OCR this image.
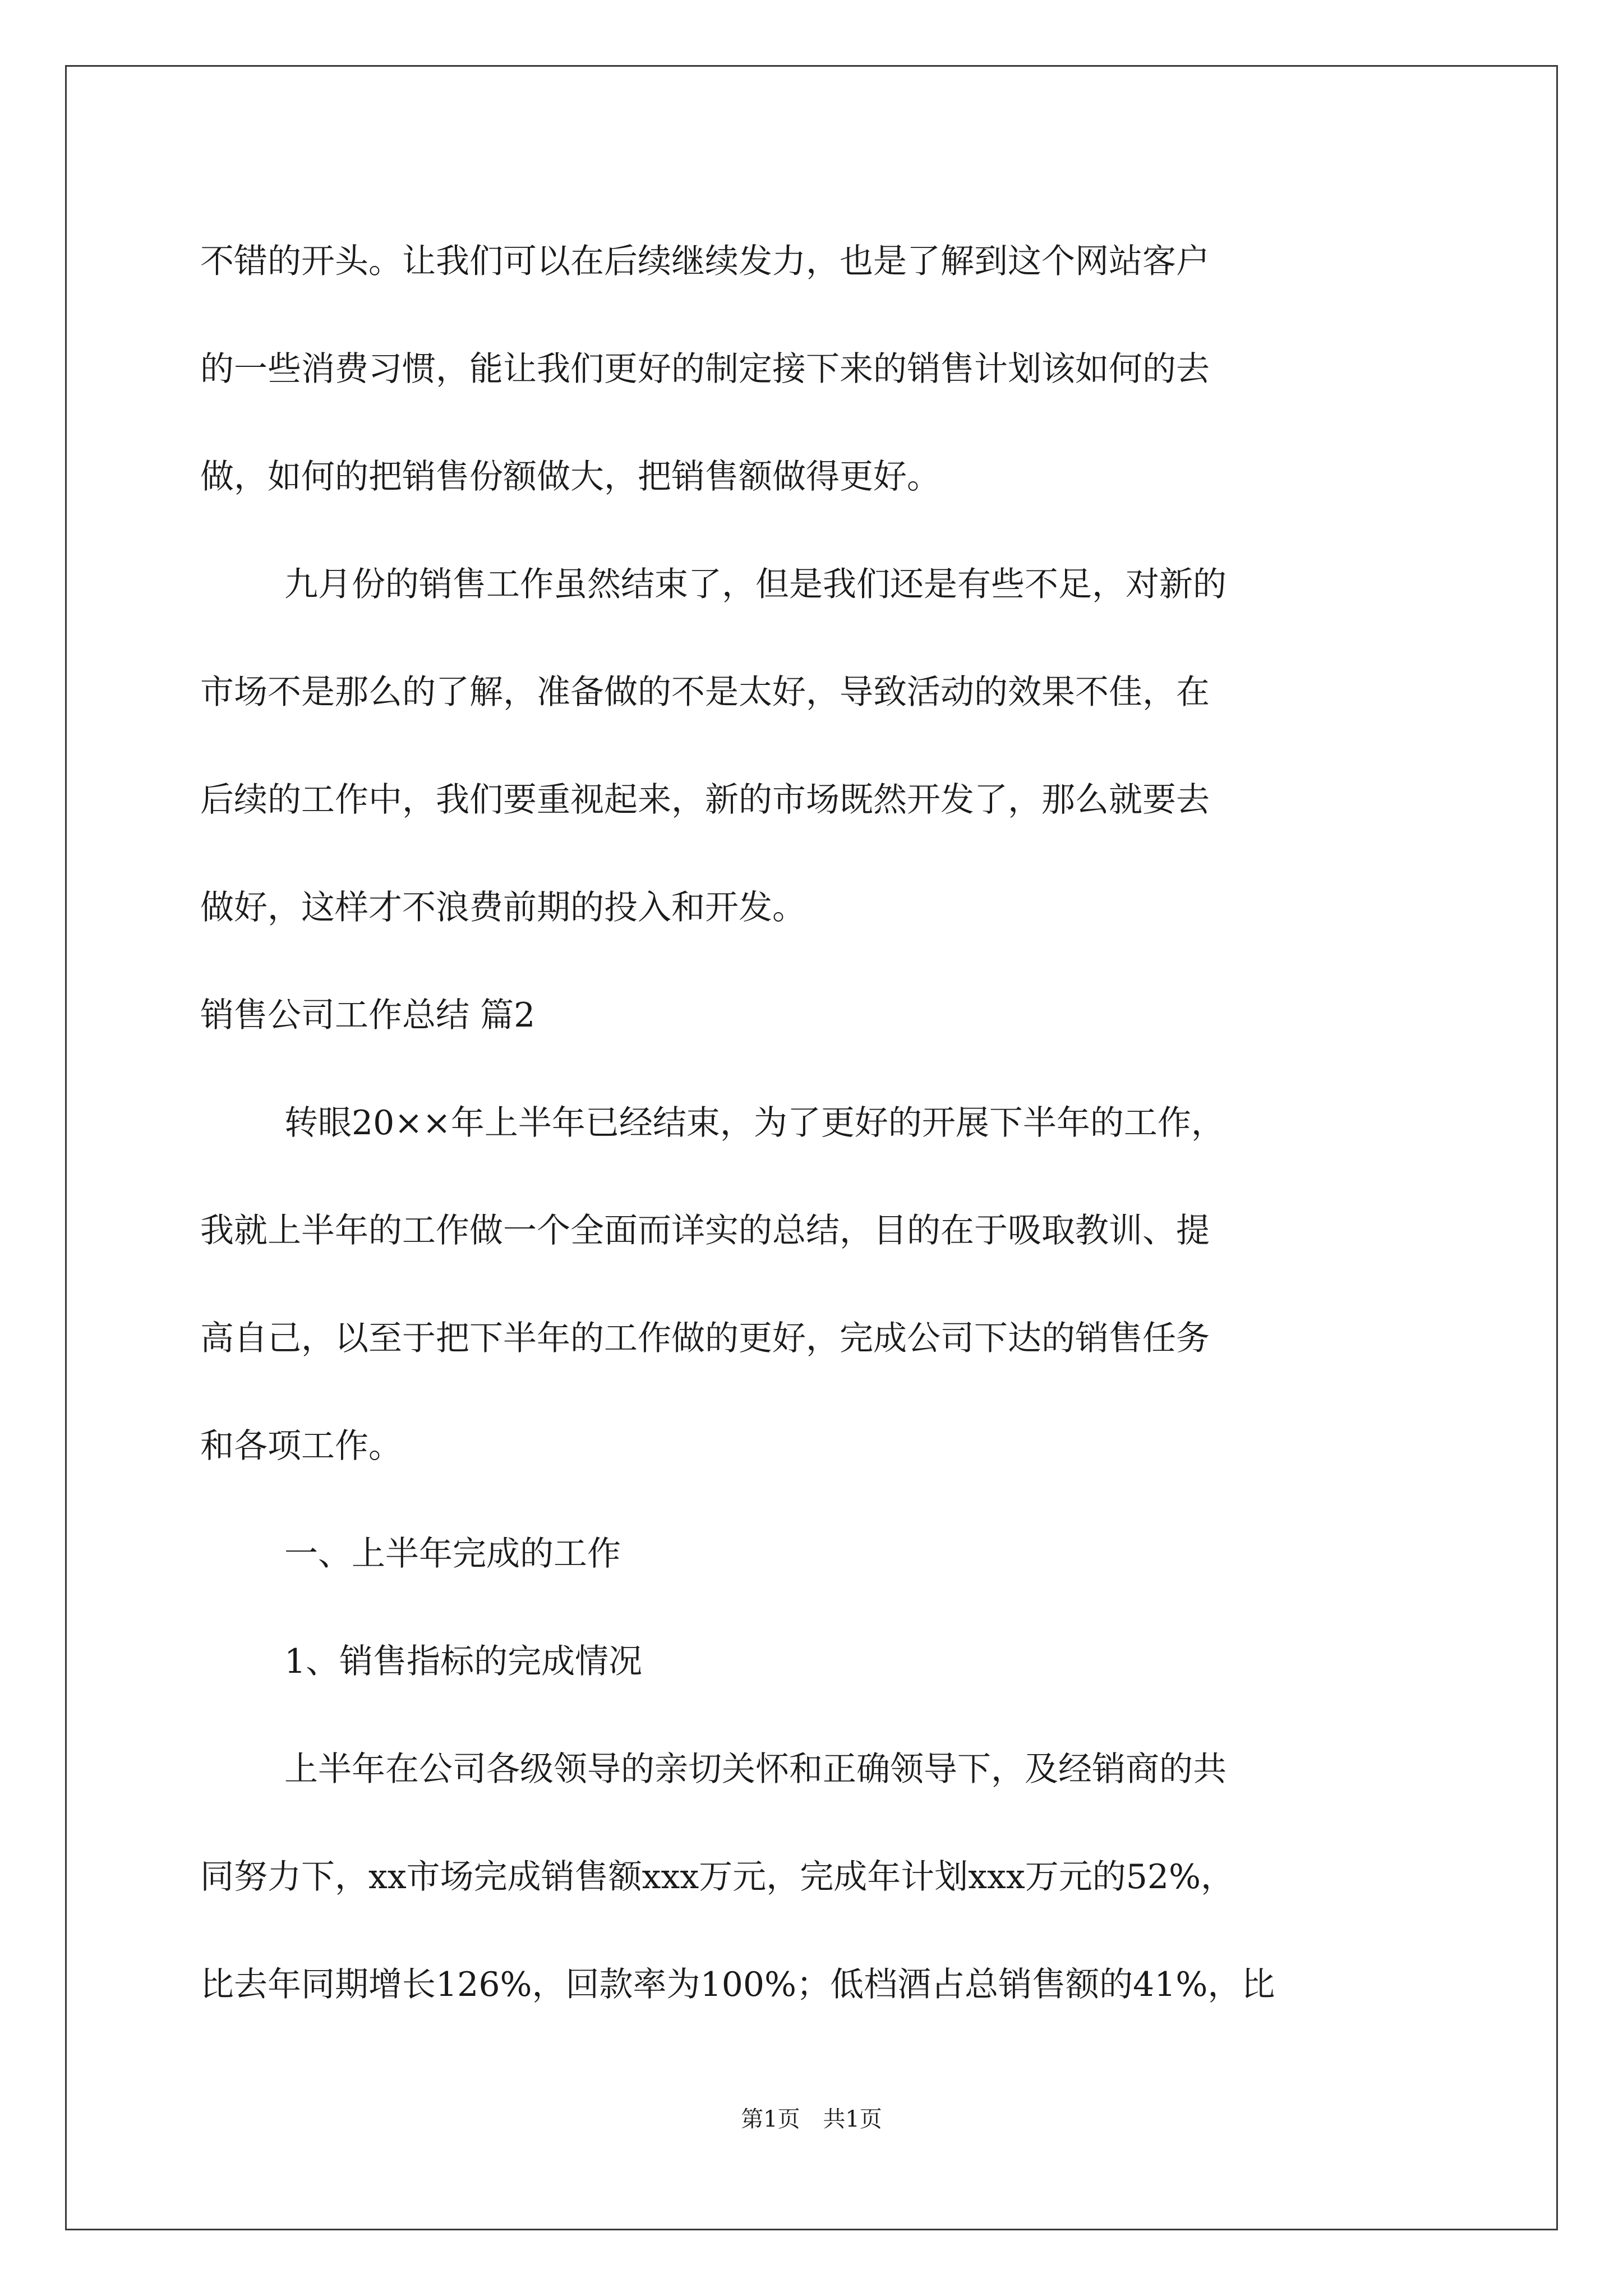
不错的开头。让我们可以在后续继续发力，也是了解到这个网站客户

的一些消费习惯，能让我们更好的制定接下来的销售计划该如何的去

做，如何的把销售份额做大，把销售额做得更好。

九月份的销售工作虽然结束了，但是我们还是有些不足，对新的

市场不是那么的了解，准备做的不是太好，导致活动的效果不佳，在

后续的工作中，我们要重视起来，新的市场既然开发了，那么就要去

做好，这样才不浪费前期的投入和开发。

销售公司工作总结 篇2

转眼20××年上半年已经结束，为了更好的开展下半年的工作，

我就上半年的工作做一个全面而详实的总结，目的在于吸取教训、提

高自己，以至于把下半年的工作做的更好，完成公司下达的销售任务

和各项工作。

一、上半年完成的工作

1、销售指标的完成情况

上半年在公司各级领导的亲切关怀和正确领导下，及经销商的共

同努力下，xx市场完成销售额xxx万元，完成年计划xxx万元的52%，

比去年同期增长126%，回款率为100%；低档酒占总销售额的41%，比

第1页 共1页
